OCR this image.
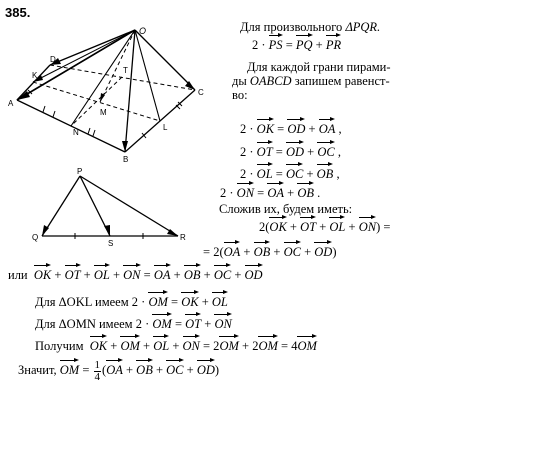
385.
O
D
K
A
T
M
C
N
L
B
P
Q
S
R
Для произвольного ΔPQR.
2 · PS = PQ + PR
Для каждой грани пирами-
ды OABCD запишем равенст-
во:
2 · OK = OD + OA ,
2 · OT = OD + OC ,
2 · OL = OC + OB ,
2 · ON = OA + OB .
Сложив их, будем иметь:
2(OK + OT + OL + ON) =
= 2(OA + OB + OC + OD)
или OK + OT + OL + ON = OA + OB + OC + OD
Для ΔOKL имеем 2 · OM = OK + OL
Для ΔOMN имеем 2 · OM = OT + ON
Получим OK + OM + OL + ON = 2OM + 2OM = 4OM
Значит, OM = $\frac{1}{4} (OA$ + OB + OC + OD)
